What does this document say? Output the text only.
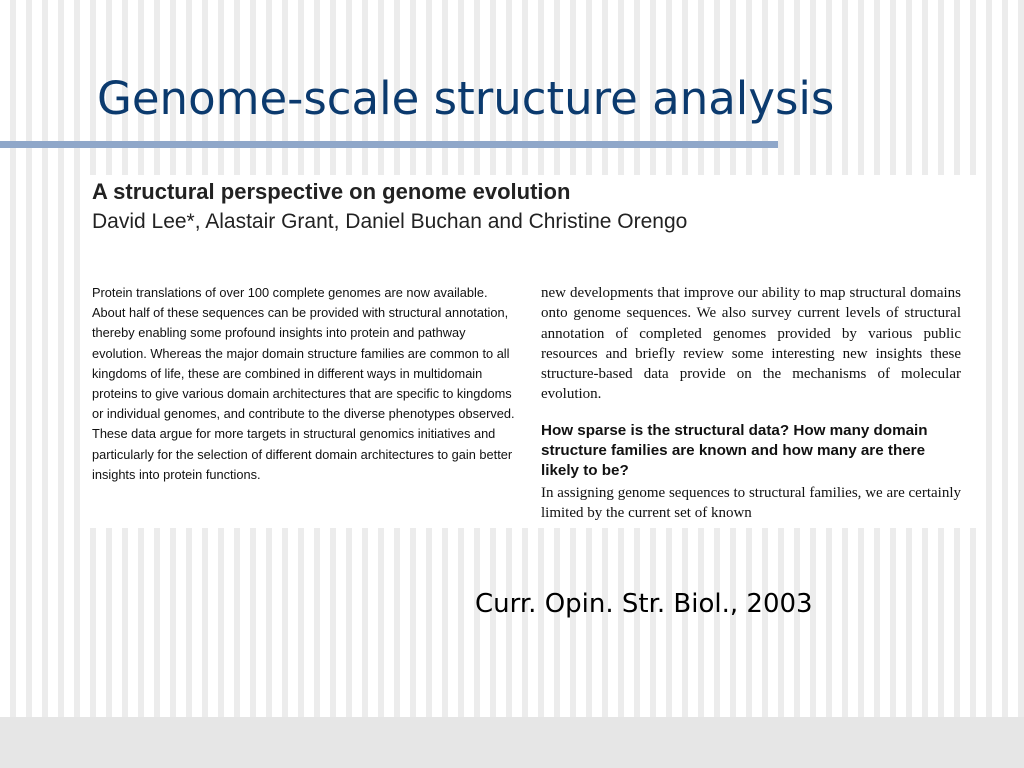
Genome-scale structure analysis
A structural perspective on genome evolution
David Lee*, Alastair Grant, Daniel Buchan and Christine Orengo
Protein translations of over 100 complete genomes are now available. About half of these sequences can be provided with structural annotation, thereby enabling some profound insights into protein and pathway evolution. Whereas the major domain structure families are common to all kingdoms of life, these are combined in different ways in multidomain proteins to give various domain architectures that are specific to kingdoms or individual genomes, and contribute to the diverse phenotypes observed. These data argue for more targets in structural genomics initiatives and particularly for the selection of different domain architectures to gain better insights into protein functions.

new developments that improve our ability to map structural domains onto genome sequences. We also survey current levels of structural annotation of completed genomes provided by various public resources and briefly review some interesting new insights these structure-based data provide on the mechanisms of molecular evolution.

How sparse is the structural data? How many domain structure families are known and how many are there likely to be?

In assigning genome sequences to structural families, we are certainly limited by the current set of known

Curr. Opin. Str. Biol., 2003
